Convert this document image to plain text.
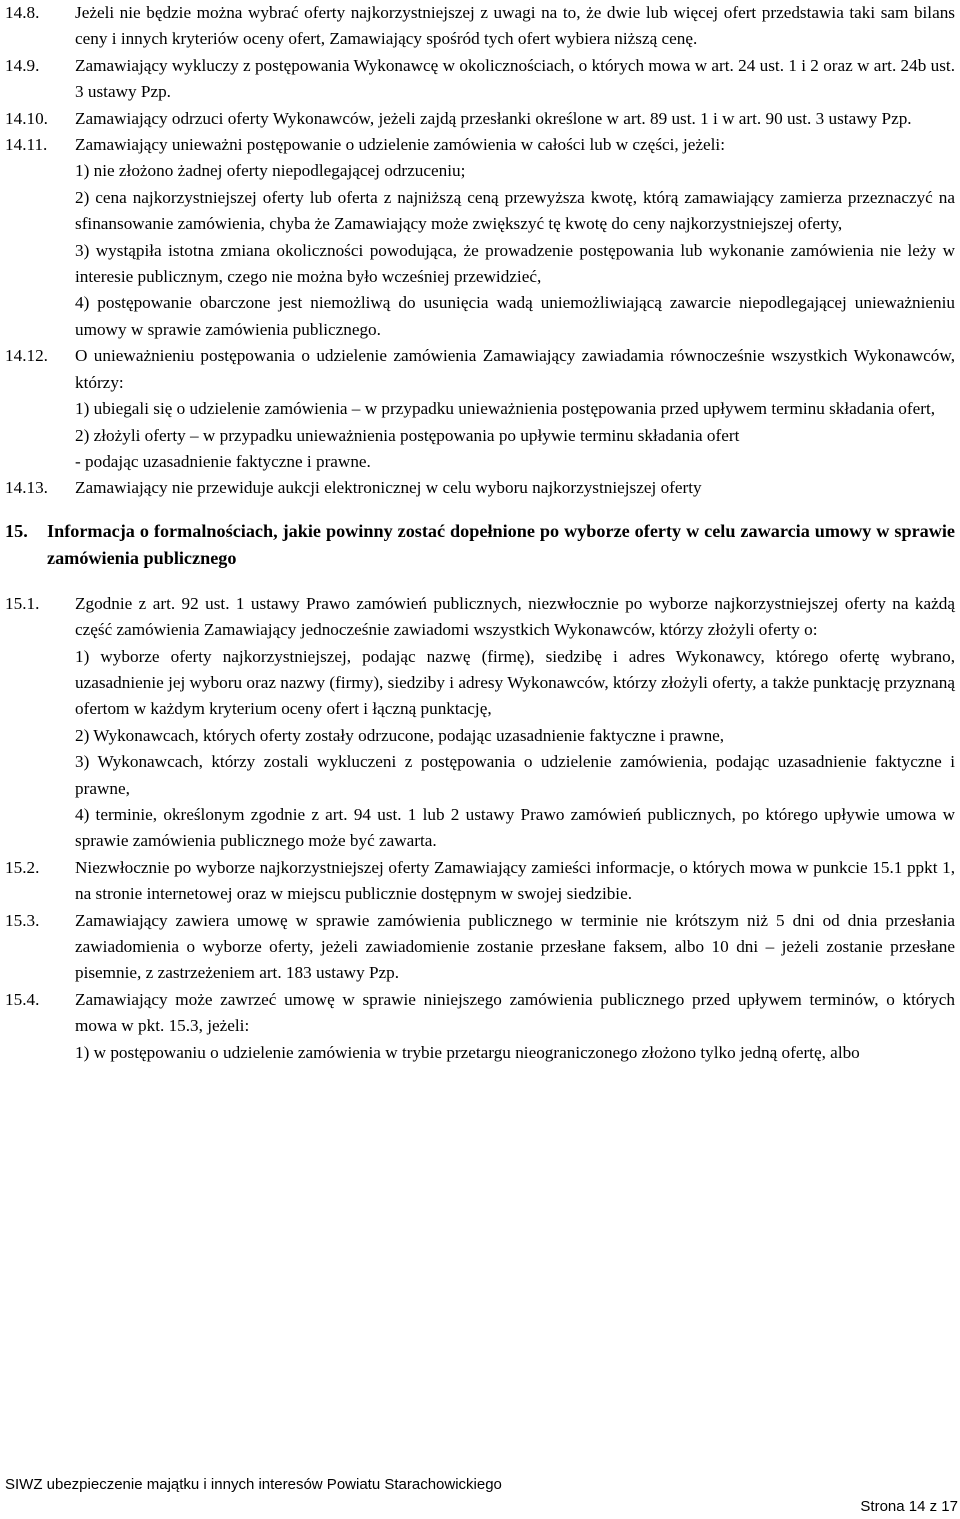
14.8. Jeżeli nie będzie można wybrać oferty najkorzystniejszej z uwagi na to, że dwie lub więcej ofert przedstawia taki sam bilans ceny i innych kryteriów oceny ofert, Zamawiający spośród tych ofert wybiera niższą cenę.
14.9. Zamawiający wykluczy z postępowania Wykonawcę w okolicznościach, o których mowa w art. 24 ust. 1 i 2 oraz w art. 24b ust. 3 ustawy Pzp.
14.10. Zamawiający odrzuci oferty Wykonawców, jeżeli zajdą przesłanki określone w art. 89 ust. 1 i w art. 90 ust. 3 ustawy Pzp.
14.11. Zamawiający unieważni postępowanie o udzielenie zamówienia w całości lub w części, jeżeli:
1) nie złożono żadnej oferty niepodlegającej odrzuceniu;
2) cena najkorzystniejszej oferty lub oferta z najniższą ceną przewyższa kwotę, którą zamawiający zamierza przeznaczyć na sfinansowanie zamówienia, chyba że Zamawiający może zwiększyć tę kwotę do ceny najkorzystniejszej oferty,
3) wystąpiła istotna zmiana okoliczności powodująca, że prowadzenie postępowania lub wykonanie zamówienia nie leży w interesie publicznym, czego nie można było wcześniej przewidzieć,
4) postępowanie obarczone jest niemożliwą do usunięcia wadą uniemożliwiającą zawarcie niepodlegającej unieważnieniu umowy w sprawie zamówienia publicznego.
14.12. O unieważnieniu postępowania o udzielenie zamówienia Zamawiający zawiadamia równocześnie wszystkich Wykonawców, którzy:
1) ubiegali się o udzielenie zamówienia – w przypadku unieważnienia postępowania przed upływem terminu składania ofert,
2) złożyli oferty – w przypadku unieważnienia postępowania po upływie terminu składania ofert
- podając uzasadnienie faktyczne i prawne.
14.13. Zamawiający nie przewiduje aukcji elektronicznej w celu wyboru najkorzystniejszej oferty
15. Informacja o formalnościach, jakie powinny zostać dopełnione po wyborze oferty w celu zawarcia umowy w sprawie zamówienia publicznego
15.1. Zgodnie z art. 92 ust. 1 ustawy Prawo zamówień publicznych, niezwłocznie po wyborze najkorzystniejszej oferty na każdą część zamówienia Zamawiający jednocześnie zawiadomi wszystkich Wykonawców, którzy złożyli oferty o:
1) wyborze oferty najkorzystniejszej, podając nazwę (firmę), siedzibę i adres Wykonawcy, którego ofertę wybrano, uzasadnienie jej wyboru oraz nazwy (firmy), siedziby i adresy Wykonawców, którzy złożyli oferty, a także punktację przyznaną ofertom w każdym kryterium oceny ofert i łączną punktację,
2) Wykonawcach, których oferty zostały odrzucone, podając uzasadnienie faktyczne i prawne,
3) Wykonawcach, którzy zostali wykluczeni z postępowania o udzielenie zamówienia, podając uzasadnienie faktyczne i prawne,
4) terminie, określonym zgodnie z art. 94 ust. 1 lub 2 ustawy Prawo zamówień publicznych, po którego upływie umowa w sprawie zamówienia publicznego może być zawarta.
15.2. Niezwłocznie po wyborze najkorzystniejszej oferty Zamawiający zamieści informacje, o których mowa w punkcie 15.1 ppkt 1, na stronie internetowej oraz w miejscu publicznie dostępnym w swojej siedzibie.
15.3. Zamawiający zawiera umowę w sprawie zamówienia publicznego w terminie nie krótszym niż 5 dni od dnia przesłania zawiadomienia o wyborze oferty, jeżeli zawiadomienie zostanie przesłane faksem, albo 10 dni – jeżeli zostanie przesłane pisemnie, z zastrzeżeniem art. 183 ustawy Pzp.
15.4. Zamawiający może zawrzeć umowę w sprawie niniejszego zamówienia publicznego przed upływem terminów, o których mowa w pkt. 15.3, jeżeli:
1) w postępowaniu o udzielenie zamówienia w trybie przetargu nieograniczonego złożono tylko jedną ofertę, albo
SIWZ ubezpieczenie majątku i innych interesów Powiatu Starachowickiego
Strona 14 z 17
